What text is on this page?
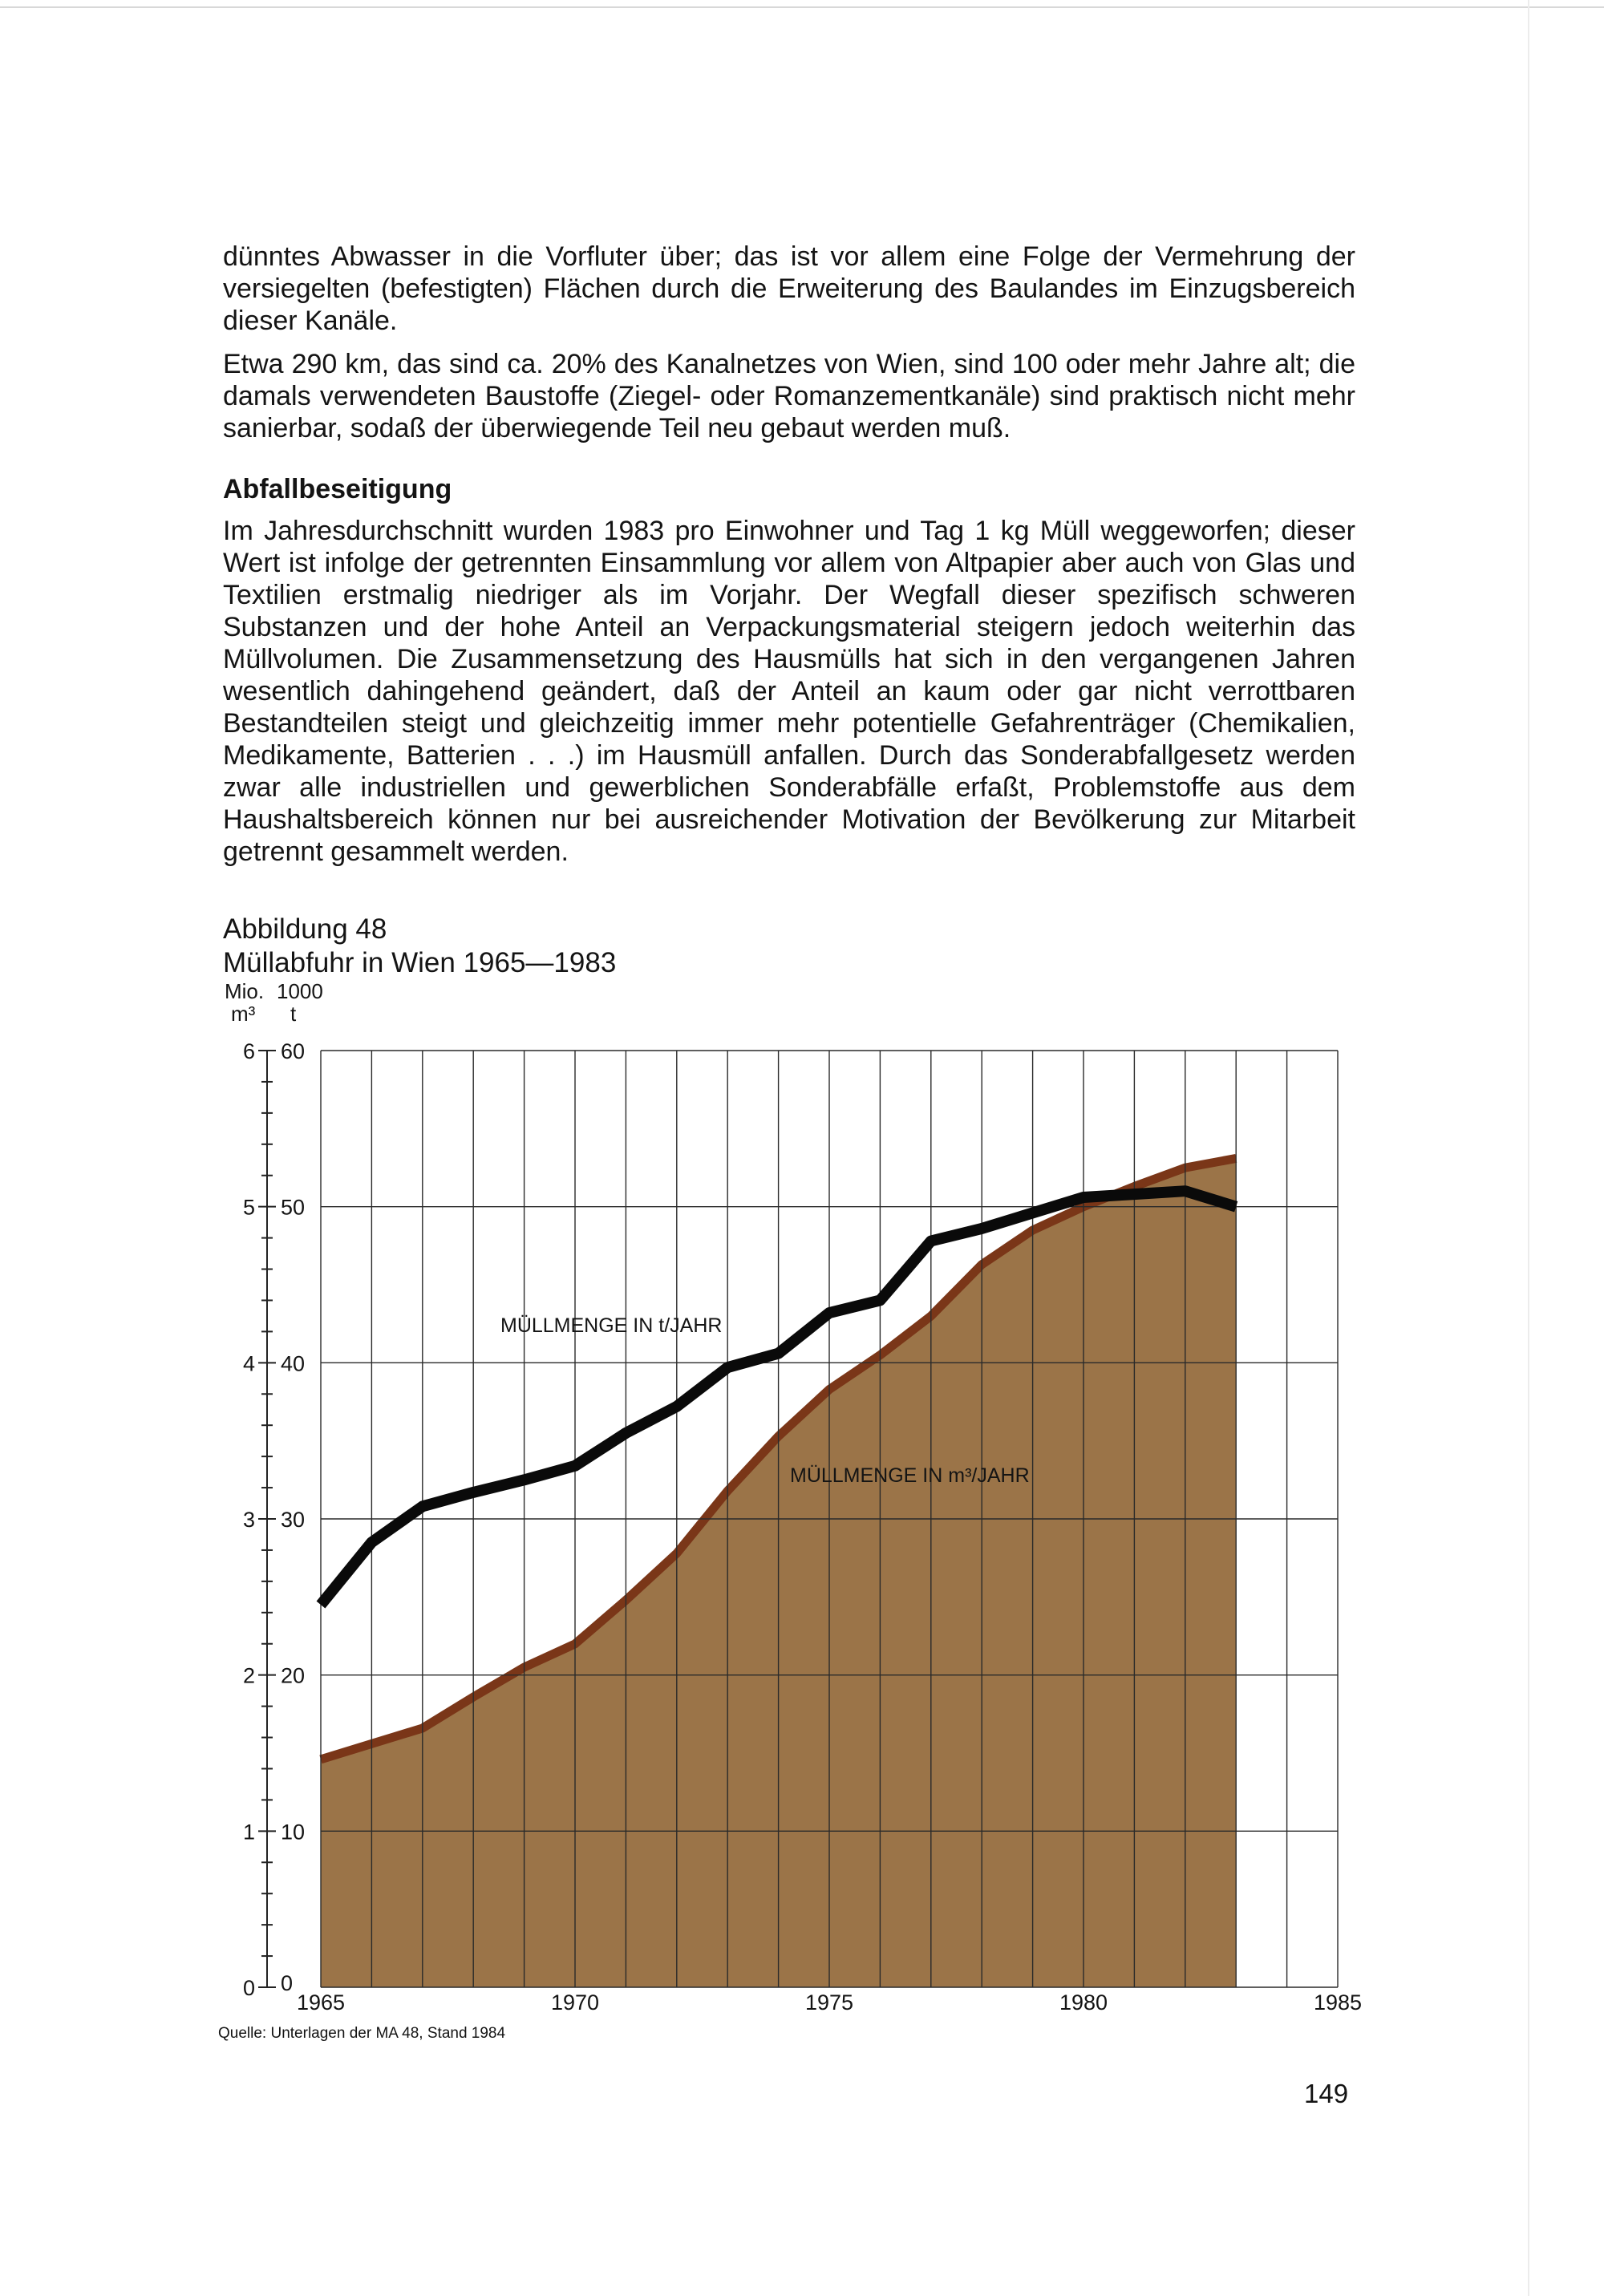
dünntes Abwasser in die Vorfluter über; das ist vor allem eine Folge der Vermehrung der versiegelten (befestigten) Flächen durch die Erweiterung des Baulandes im Einzugsbereich dieser Kanäle.

Etwa 290 km, das sind ca. 20% des Kanalnetzes von Wien, sind 100 oder mehr Jahre alt; die damals verwendeten Baustoffe (Ziegel- oder Romanzementkanäle) sind praktisch nicht mehr sanierbar, sodaß der überwiegende Teil neu gebaut werden muß.

Abfallbeseitigung

Im Jahresdurchschnitt wurden 1983 pro Einwohner und Tag 1 kg Müll weggeworfen; dieser Wert ist infolge der getrennten Einsammlung vor allem von Altpapier aber auch von Glas und Textilien erstmalig niedriger als im Vorjahr. Der Wegfall dieser spezifisch schweren Substanzen und der hohe Anteil an Verpackungsmaterial steigern jedoch weiterhin das Müllvolumen. Die Zusammensetzung des Hausmülls hat sich in den vergangenen Jahren wesentlich dahingehend geändert, daß der Anteil an kaum oder gar nicht verrottbaren Bestandteilen steigt und gleichzeitig immer mehr potentielle Gefahrenträger (Chemikalien, Medikamente, Batterien . . .) im Hausmüll anfallen. Durch das Sonderabfallgesetz werden zwar alle industriellen und gewerblichen Sonderabfälle erfaßt, Problemstoffe aus dem Haushaltsbereich können nur bei ausreichender Motivation der Bevölkerung zur Mitarbeit getrennt gesammelt werden.

Abbildung 48
Müllabfuhr in Wien 1965—1983
Mio. 1000
m³ t
0
1
2
3
4
5
6
0
10
20
30
40
50
60
1965	1970	1975	1980	1985
MÜLLMENGE IN t/JAHR
MÜLLMENGE IN m³/JAHR
Quelle: Unterlagen der MA 48, Stand 1984
149
